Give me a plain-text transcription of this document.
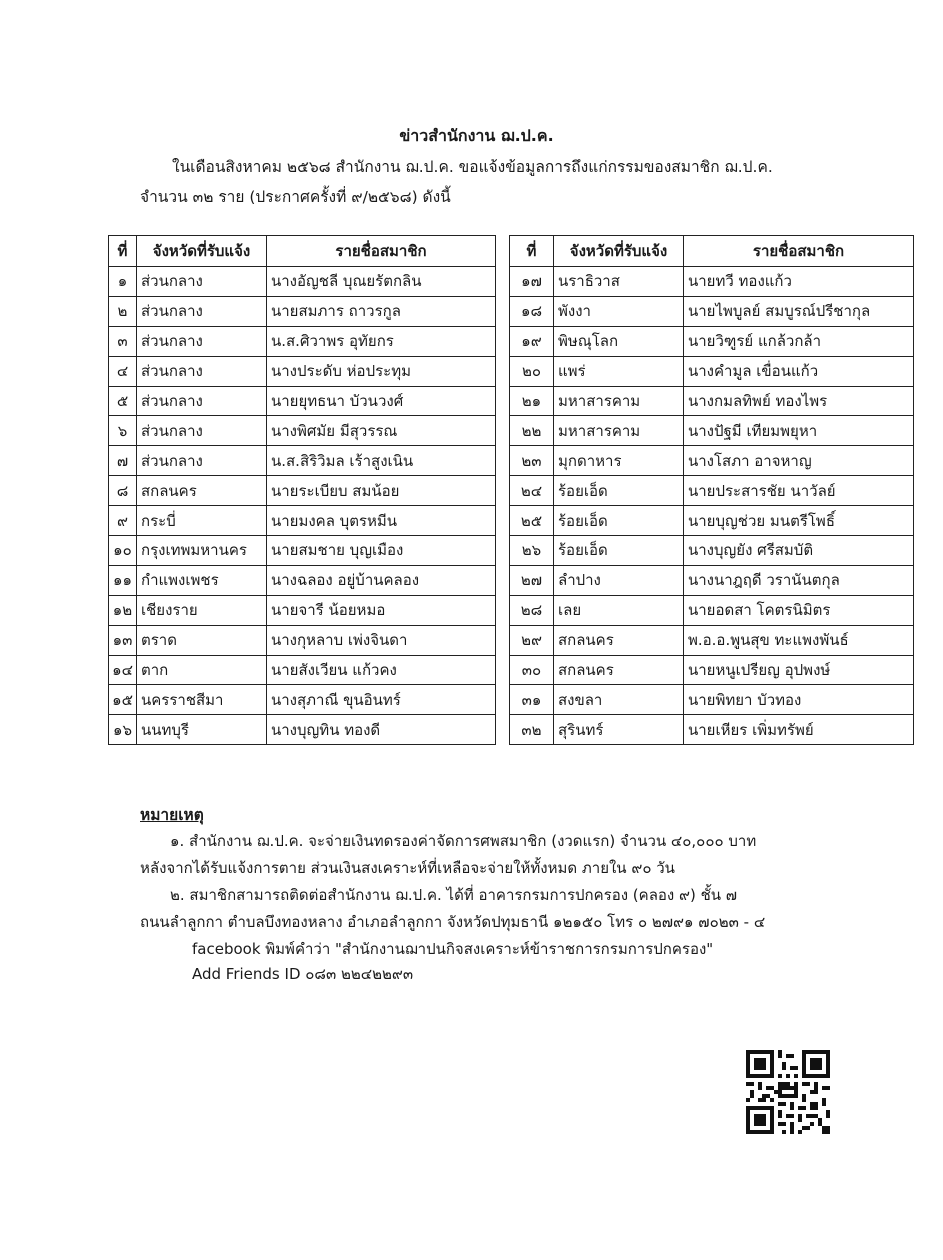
ข่าวสำนักงาน ฌ.ป.ค.
ในเดือนสิงหาคม ๒๕๖๘ สำนักงาน ฌ.ป.ค. ขอแจ้งข้อมูลการถึงแก่กรรมของสมาชิก ฌ.ป.ค.
จำนวน ๓๒ ราย (ประกาศครั้งที่ ๙/๒๕๖๘) ดังนี้
ที่	จังหวัดที่รับแจ้ง	รายชื่อสมาชิก
๑	ส่วนกลาง	นางอัญชลี บุณยรัตกลิน
๒	ส่วนกลาง	นายสมภาร ถาวรกูล
๓	ส่วนกลาง	น.ส.ศิวาพร อุทัยกร
๔	ส่วนกลาง	นางประดับ ห่อประทุม
๕	ส่วนกลาง	นายยุทธนา บัวนวงศ์
๖	ส่วนกลาง	นางพิศมัย มีสุวรรณ
๗	ส่วนกลาง	น.ส.สิริวิมล เร้าสูงเนิน
๘	สกลนคร	นายระเบียบ สมน้อย
๙	กระบี่	นายมงคล บุตรหมีน
๑๐	กรุงเทพมหานคร	นายสมชาย บุญเมือง
๑๑	กำแพงเพชร	นางฉลอง อยู่บ้านคลอง
๑๒	เชียงราย	นายจารี น้อยหมอ
๑๓	ตราด	นางกุหลาบ เพ่งจินดา
๑๔	ตาก	นายสังเวียน แก้วคง
๑๕	นครราชสีมา	นางสุภาณี ขุนอินทร์
๑๖	นนทบุรี	นางบุญทิน ทองดี
ที่	จังหวัดที่รับแจ้ง	รายชื่อสมาชิก
๑๗	นราธิวาส	นายทวี ทองแก้ว
๑๘	พังงา	นายไพบูลย์ สมบูรณ์ปรีชากุล
๑๙	พิษณุโลก	นายวิฑูรย์ แกล้วกล้า
๒๐	แพร่	นางคำมูล เขื่อนแก้ว
๒๑	มหาสารคาม	นางกมลทิพย์ ทองไพร
๒๒	มหาสารคาม	นางปัฐมี เทียมพยุหา
๒๓	มุกดาหาร	นางโสภา อาจหาญ
๒๔	ร้อยเอ็ด	นายประสารชัย นาวัลย์
๒๕	ร้อยเอ็ด	นายบุญช่วย มนตรีโพธิ์
๒๖	ร้อยเอ็ด	นางบุญยัง ศรีสมบัติ
๒๗	ลำปาง	นางนาฎฤดี วรานันตกุล
๒๘	เลย	นายอดสา โคตรนิมิตร
๒๙	สกลนคร	พ.อ.อ.พูนสุข ทะแพงพันธ์
๓๐	สกลนคร	นายหนูเปรียญ อุปพงษ์
๓๑	สงขลา	นายพิทยา บัวทอง
๓๒	สุรินทร์	นายเหียร เพิ่มทรัพย์
หมายเหตุ
๑. สำนักงาน ฌ.ป.ค. จะจ่ายเงินทดรองค่าจัดการศพสมาชิก (งวดแรก) จำนวน ๔๐,๐๐๐ บาท
หลังจากได้รับแจ้งการตาย ส่วนเงินสงเคราะห์ที่เหลือจะจ่ายให้ทั้งหมด ภายใน ๙๐ วัน
๒. สมาชิกสามารถติดต่อสำนักงาน ฌ.ป.ค. ได้ที่ อาคารกรมการปกครอง (คลอง ๙) ชั้น ๗
ถนนลำลูกกา ตำบลบึงทองหลาง อำเภอลำลูกกา จังหวัดปทุมธานี ๑๒๑๕๐ โทร ๐ ๒๗๙๑ ๗๐๒๓ - ๔
facebook พิมพ์คำว่า "สำนักงานฌาปนกิจสงเคราะห์ข้าราชการกรมการปกครอง"
Add Friends ID ๐๘๓ ๒๒๔๒๒๙๓
